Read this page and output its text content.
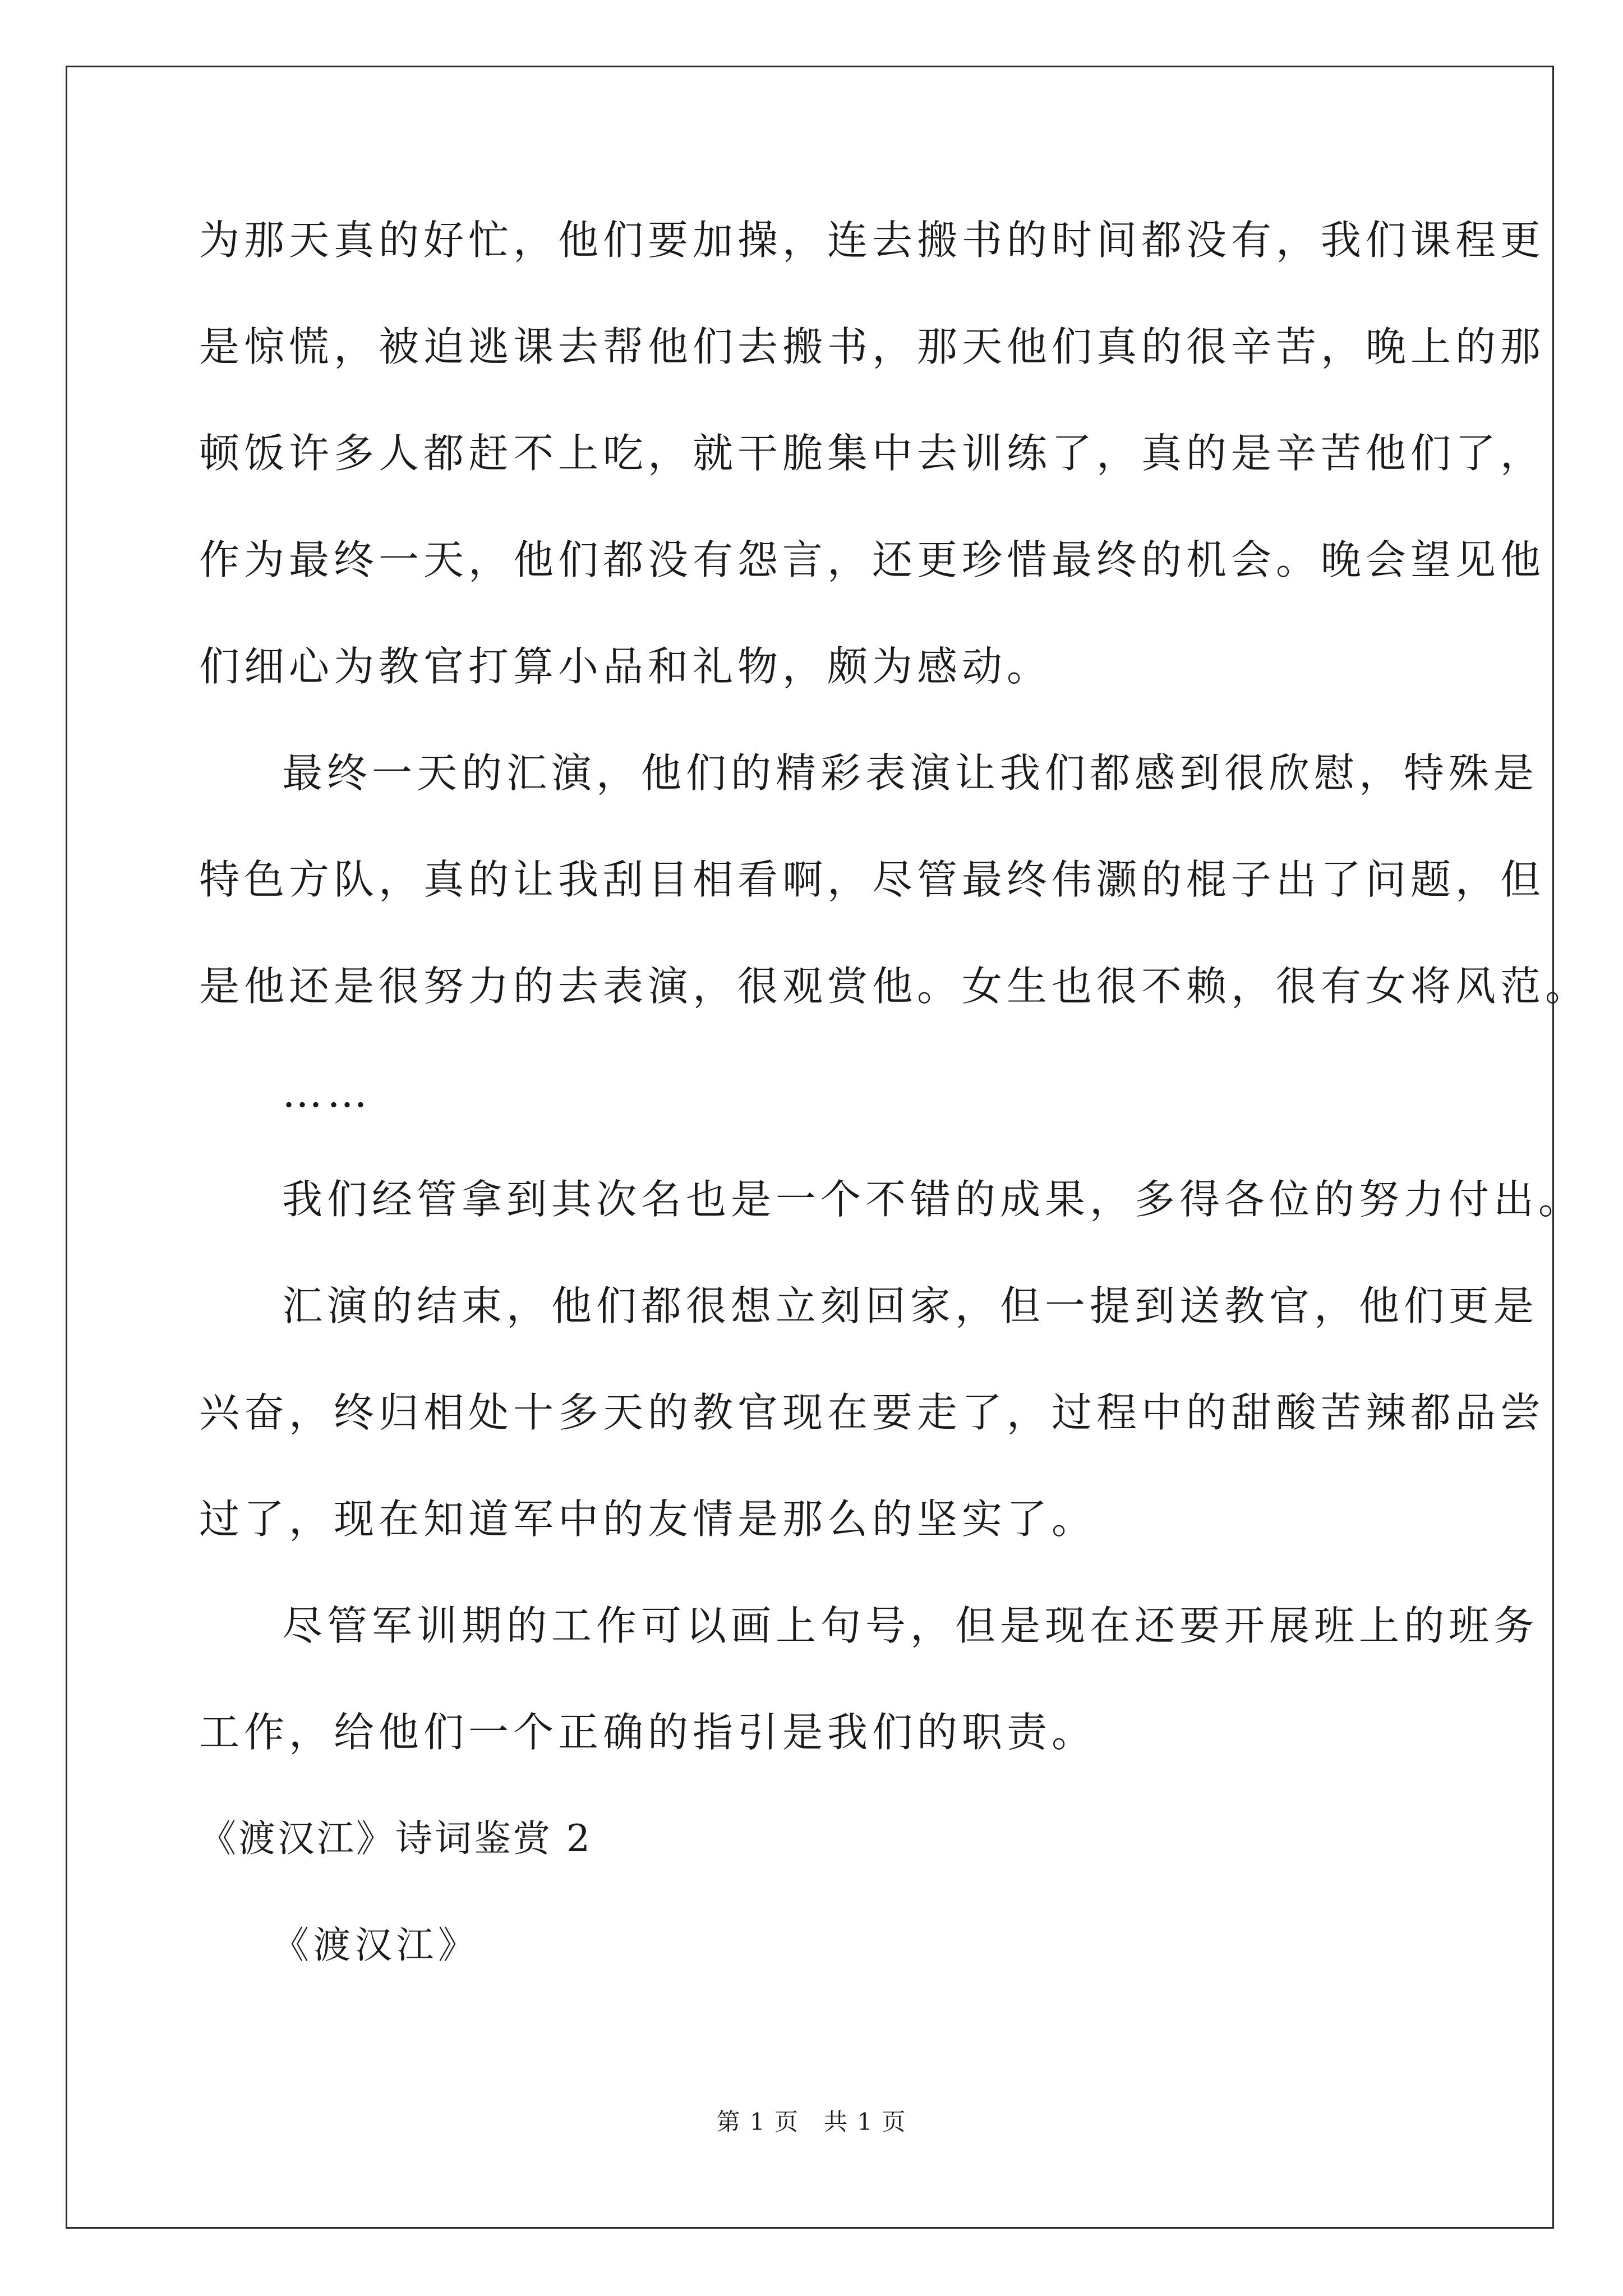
为那天真的好忙，他们要加操，连去搬书的时间都没有，我们课程更

是惊慌，被迫逃课去帮他们去搬书，那天他们真的很辛苦，晚上的那

顿饭许多人都赶不上吃，就干脆集中去训练了，真的是辛苦他们了，

作为最终一天，他们都没有怨言，还更珍惜最终的机会。晚会望见他

们细心为教官打算小品和礼物，颇为感动。

最终一天的汇演，他们的精彩表演让我们都感到很欣慰，特殊是

特色方队，真的让我刮目相看啊，尽管最终伟灏的棍子出了问题，但

是他还是很努力的去表演，很观赏他。女生也很不赖，很有女将风范。

……

我们经管拿到其次名也是一个不错的成果，多得各位的努力付出。

汇演的结束，他们都很想立刻回家，但一提到送教官，他们更是

兴奋，终归相处十多天的教官现在要走了，过程中的甜酸苦辣都品尝

过了，现在知道军中的友情是那么的坚实了。

尽管军训期的工作可以画上句号，但是现在还要开展班上的班务

工作，给他们一个正确的指引是我们的职责。

《渡汉江》诗词鉴赏 2

《渡汉江》

第 1 页　共 1 页
